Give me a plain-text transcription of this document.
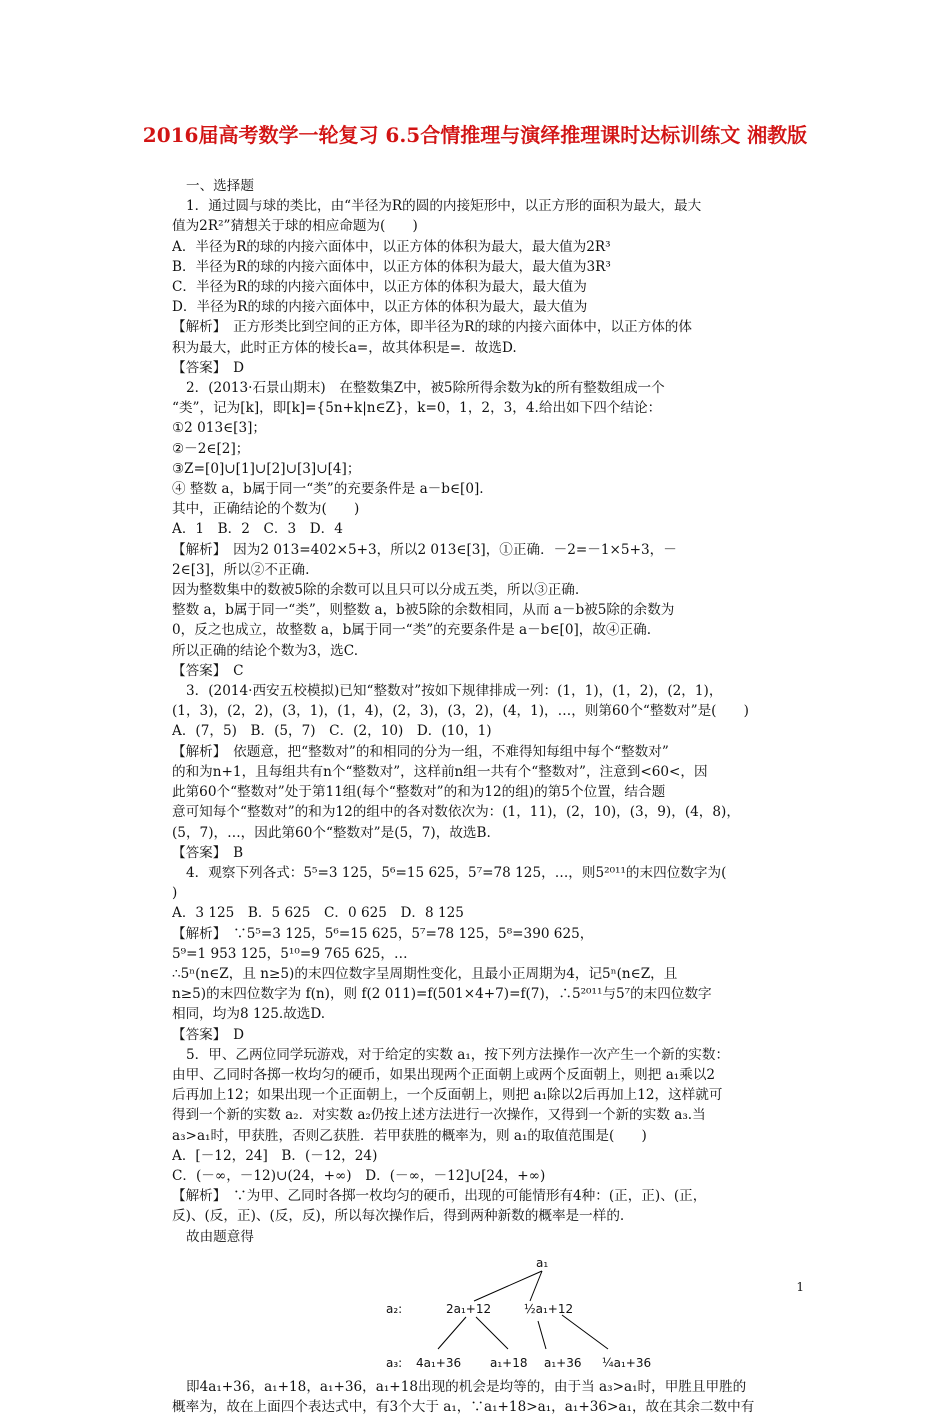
2016届高考数学一轮复习 6.5合情推理与演绎推理课时达标训练文 湘教版
一、选择题
1．通过圆与球的类比，由“半径为R的圆的内接矩形中，以正方形的面积为最大，最大
值为2R²”猜想关于球的相应命题为(　　)
A．半径为R的球的内接六面体中，以正方体的体积为最大，最大值为2R³
B．半径为R的球的内接六面体中，以正方体的体积为最大，最大值为3R³
C．半径为R的球的内接六面体中，以正方体的体积为最大，最大值为
D．半径为R的球的内接六面体中，以正方体的体积为最大，最大值为
【解析】　正方形类比到空间的正方体，即半径为R的球的内接六面体中，以正方体的体
积为最大，此时正方体的棱长a=，故其体积是=．故选D.
【答案】　D
2．(2013·石景山期末)　在整数集Z中，被5除所得余数为k的所有整数组成一个
“类”，记为[k]，即[k]={5n+k|n∈Z}，k=0，1，2，3，4.给出如下四个结论：
①2 013∈[3]；
②－2∈[2]；
③Z=[0]∪[1]∪[2]∪[3]∪[4]；
④ 整数 a，b属于同一“类”的充要条件是 a－b∈[0].
其中，正确结论的个数为(　　)
A．1　B．2　C．3　D．4
【解析】　因为2 013=402×5+3，所以2 013∈[3]，①正确．－2=－1×5+3，－
2∈[3]，所以②不正确.
因为整数集中的数被5除的余数可以且只可以分成五类，所以③正确.
整数 a，b属于同一“类”，则整数 a，b被5除的余数相同，从而 a－b被5除的余数为
0，反之也成立，故整数 a，b属于同一“类”的充要条件是 a－b∈[0]，故④正确.
所以正确的结论个数为3，选C.
【答案】　C
3．(2014·西安五校模拟)已知“整数对”按如下规律排成一列：(1，1)，(1，2)，(2，1)，
(1，3)，(2，2)，(3，1)，(1，4)，(2，3)，(3，2)，(4，1)，…，则第60个“整数对”是(　　)
A．(7，5)　B．(5，7)　C．(2，10)　D．(10，1)
【解析】　依题意，把“整数对”的和相同的分为一组，不难得知每组中每个“整数对”
的和为n+1，且每组共有n个“整数对”，这样前n组一共有个“整数对”，注意到<60<，因
此第60个“整数对”处于第11组(每个“整数对”的和为12的组)的第5个位置，结合题
意可知每个“整数对”的和为12的组中的各对数依次为：(1，11)，(2，10)，(3，9)，(4，8)，
(5，7)，…，因此第60个“整数对”是(5，7)，故选B.
【答案】　B
4．观察下列各式：5⁵=3 125，5⁶=15 625，5⁷=78 125，…，则5²⁰¹¹的末四位数字为(
)
A．3 125　B．5 625　C．0 625　D．8 125
【解析】　∵5⁵=3 125，5⁶=15 625，5⁷=78 125，5⁸=390 625，
5⁹=1 953 125，5¹⁰=9 765 625，…
∴5ⁿ(n∈Z，且 n≥5)的末四位数字呈周期性变化，且最小正周期为4，记5ⁿ(n∈Z，且
n≥5)的末四位数字为 f(n)，则 f(2 011)=f(501×4+7)=f(7)，∴5²⁰¹¹与5⁷的末四位数字
相同，均为8 125.故选D.
【答案】　D
5．甲、乙两位同学玩游戏，对于给定的实数 a₁，按下列方法操作一次产生一个新的实数：
由甲、乙同时各掷一枚均匀的硬币，如果出现两个正面朝上或两个反面朝上，则把 a₁乘以2
后再加上12；如果出现一个正面朝上，一个反面朝上，则把 a₁除以2后再加上12，这样就可
得到一个新的实数 a₂．对实数 a₂仍按上述方法进行一次操作，又得到一个新的实数 a₃.当
a₃>a₁时，甲获胜，否则乙获胜．若甲获胜的概率为，则 a₁的取值范围是(　　)
A．[－12，24]　B．(－12，24)
C．(－∞，－12)∪(24，+∞)　D．(－∞，－12]∪[24，+∞)
【解析】　∵为甲、乙同时各掷一枚均匀的硬币，出现的可能情形有4种：(正，正)、(正，
反)、(反，正)、(反，反)，所以每次操作后，得到两种新数的概率是一样的.
故由题意得
a₁
a₂:	2a₁+12	½a₁+12
a₃: 4a₁+36 a₁+18 a₁+36 ¼a₁+36
即4a₁+36，a₁+18，a₁+36，a₁+18出现的机会是均等的，由于当 a₃>a₁时，甲胜且甲胜的
概率为，故在上面四个表达式中，有3个大于 a₁，∵a₁+18>a₁，a₁+36>a₁，故在其余二数中有
1
